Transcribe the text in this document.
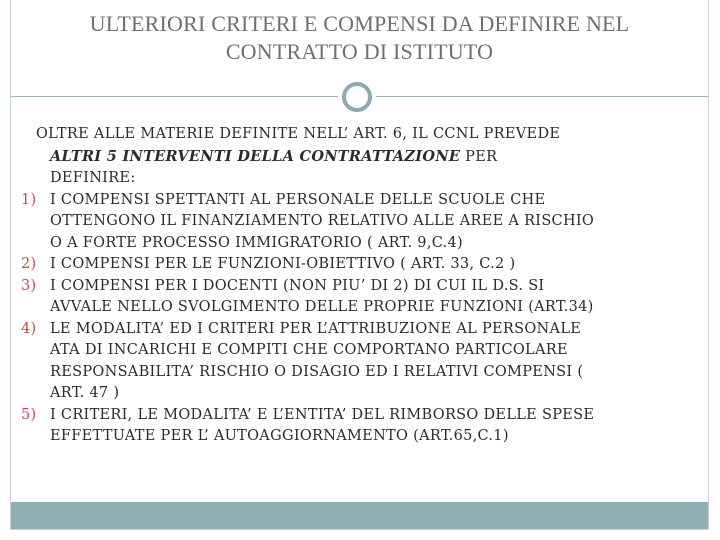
ULTERIORI CRITERI E COMPENSI DA DEFINIRE NEL
CONTRATTO DI ISTITUTO

OLTRE ALLE MATERIE DEFINITE NELL’ ART. 6, IL CCNL PREVEDE
ALTRI 5 INTERVENTI DELLA CONTRATTAZIONE PER
DEFINIRE:

1) I COMPENSI SPETTANTI AL PERSONALE DELLE SCUOLE CHE
OTTENGONO IL FINANZIAMENTO RELATIVO ALLE AREE A RISCHIO
O A FORTE PROCESSO IMMIGRATORIO ( ART. 9,C.4)

2) I COMPENSI PER LE FUNZIONI-OBIETTIVO ( ART. 33, C.2 )

3) I COMPENSI PER I DOCENTI (NON PIU’ DI 2) DI CUI IL D.S. SI
AVVALE NELLO SVOLGIMENTO DELLE PROPRIE FUNZIONI (ART.34)

4) LE MODALITA’ ED I CRITERI PER L’ATTRIBUZIONE AL PERSONALE
ATA DI INCARICHI E COMPITI CHE COMPORTANO PARTICOLARE
RESPONSABILITA’ RISCHIO O DISAGIO ED I RELATIVI COMPENSI (
ART. 47 )

5) I CRITERI, LE MODALITA’ E L’ENTITA’ DEL RIMBORSO DELLE SPESE
EFFETTUATE PER L’ AUTOAGGIORNAMENTO (ART.65,C.1)
